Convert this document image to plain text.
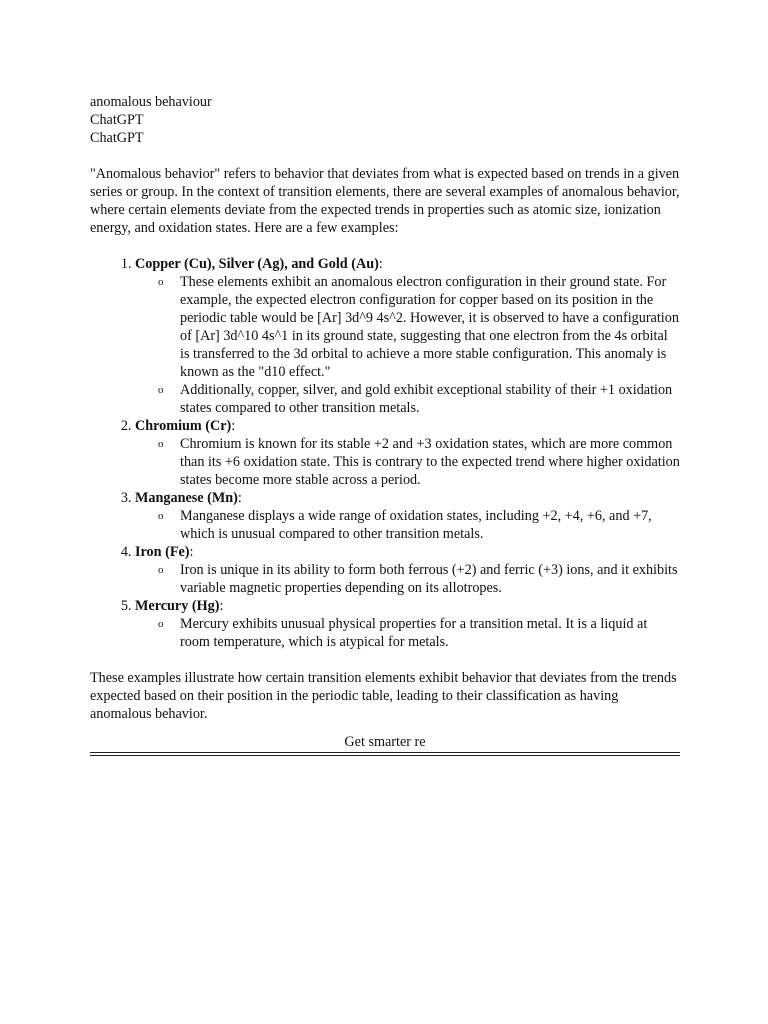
anomalous behaviour
ChatGPT
ChatGPT

"Anomalous behavior" refers to behavior that deviates from what is expected based on trends in a given series or group. In the context of transition elements, there are several examples of anomalous behavior, where certain elements deviate from the expected trends in properties such as atomic size, ionization energy, and oxidation states. Here are a few examples:

1. Copper (Cu), Silver (Ag), and Gold (Au):
o These elements exhibit an anomalous electron configuration in their ground state. For example, the expected electron configuration for copper based on its position in the periodic table would be [Ar] 3d^9 4s^2. However, it is observed to have a configuration of [Ar] 3d^10 4s^1 in its ground state, suggesting that one electron from the 4s orbital is transferred to the 3d orbital to achieve a more stable configuration. This anomaly is known as the "d10 effect."
o Additionally, copper, silver, and gold exhibit exceptional stability of their +1 oxidation states compared to other transition metals.
2. Chromium (Cr):
o Chromium is known for its stable +2 and +3 oxidation states, which are more common than its +6 oxidation state. This is contrary to the expected trend where higher oxidation states become more stable across a period.
3. Manganese (Mn):
o Manganese displays a wide range of oxidation states, including +2, +4, +6, and +7, which is unusual compared to other transition metals.
4. Iron (Fe):
o Iron is unique in its ability to form both ferrous (+2) and ferric (+3) ions, and it exhibits variable magnetic properties depending on its allotropes.
5. Mercury (Hg):
o Mercury exhibits unusual physical properties for a transition metal. It is a liquid at room temperature, which is atypical for metals.

These examples illustrate how certain transition elements exhibit behavior that deviates from the trends expected based on their position in the periodic table, leading to their classification as having anomalous behavior.

Get smarter re
